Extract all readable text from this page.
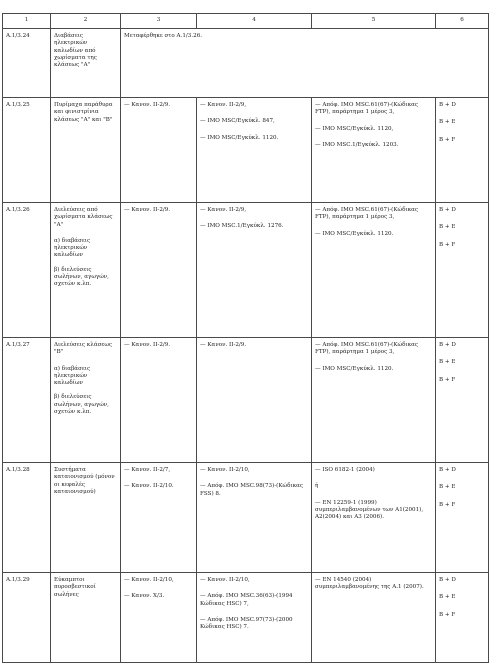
1	2	3	4	5	6

A.1/3.24	Διαβάσεις ηλεκτρικών καλωδίων από χωρίσματα της κλάσεως "A"	Μεταφέρθηκε στο A.1/3.26.			

A.1/3.25	Πυρίμαχα παράθυρα και φινιστρίνια κλάσεως "A" και "B"	— Κανον. II-2/9.	— Κανον. II-2/9,
— IMO MSC/Εγκύκλ. 847,
— IMO MSC/Εγκύκλ. 1120.	— Απόφ. IMO MSC.61(67)-(Κώδικας FTP), παράρτημα 1 μέρος 3,
— IMO MSC/Εγκύκλ. 1120,
— IMO MSC.1/Εγκύκλ. 1203.	B + D
B + E
B + F

A.1/3.26	Διελεύσεις από χωρίσματα κλάσεως "A"
α) διαβάσεις ηλεκτρικών καλωδίων
β) διελεύσεις σωλήνων, αγωγών, σχετών κ.λπ.	— Κανον. II-2/9.	— Κανον. II-2/9,
— IMO MSC.1/Εγκύκλ. 1276.	— Απόφ. IMO MSC.61(67)-(Κώδικας FTP), παράρτημα 1 μέρος 3,
— IMO MSC/Εγκύκλ. 1120.	B + D
B + E
B + F

A.1/3.27	Διελεύσεις κλάσεως "B"
α) διαβάσεις ηλεκτρικών καλωδίων
β) διελεύσεις σωλήνων, αγωγών, σχετών κ.λπ.	— Κανον. II-2/9.	— Κανον. II-2/9.	— Απόφ. IMO MSC.61(67)-(Κώδικας FTP), παράρτημα 1 μέρος 3,
— IMO MSC/Εγκύκλ. 1120.	B + D
B + E
B + F

A.1/3.28	Συστήματα καταιονισμού (μόνον οι κεφαλές καταιονισμού)	— Κανον. II-2/7,
— Κανον. II-2/10.	— Κανον. II-2/10,
— Απόφ. IMO MSC.98(73)-(Κώδικας FSS) 8.	— ISO 6182-1 (2004)
ή
— EN 12259-1 (1999) συμπεριλαμβανομένων των A1(2001), A2(2004) και A3 (2006).	B + D
B + E
B + F

A.1/3.29	Εύκαμπτοι πυροσβεστικοί σωλήνες	— Κανον. II-2/10,
— Κανον. X/3.	— Κανον. II-2/10,
— Απόφ. IMO MSC.36(63)-(1994 Κώδικας HSC) 7,
— Απόφ. IMO MSC.97(73)-(2000 Κώδικας HSC) 7.	— EN 14540 (2004) συμπεριλαμβανομένης της A.1 (2007).	B + D
B + E
B + F
